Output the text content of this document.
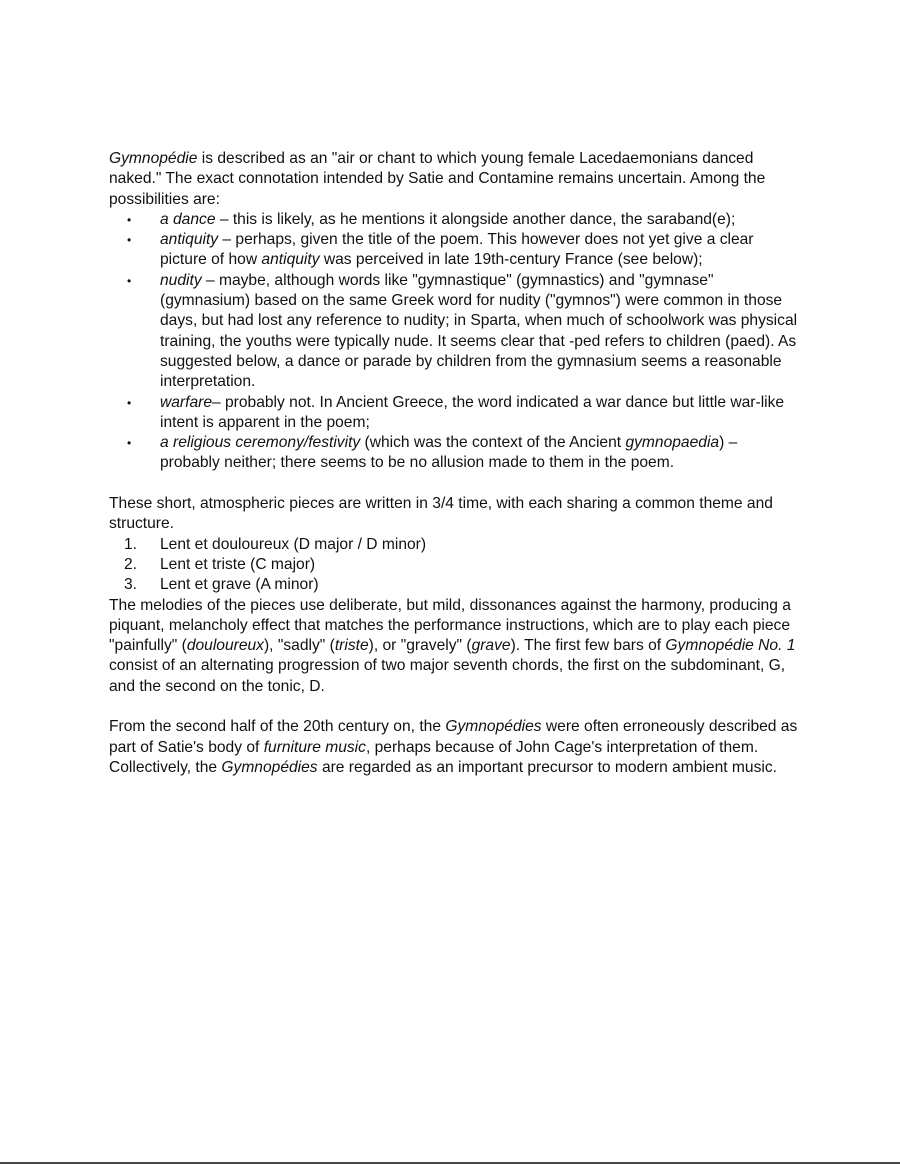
Gymnopédie is described as an "air or chant to which young female Lacedaemonians danced naked." The exact connotation intended by Satie and Contamine remains uncertain. Among the possibilities are:

• a dance – this is likely, as he mentions it alongside another dance, the saraband(e);
• antiquity – perhaps, given the title of the poem. This however does not yet give a clear picture of how antiquity was perceived in late 19th-century France (see below);
• nudity – maybe, although words like "gymnastique" (gymnastics) and "gymnase" (gymnasium) based on the same Greek word for nudity ("gymnos") were common in those days, but had lost any reference to nudity; in Sparta, when much of schoolwork was physical training, the youths were typically nude. It seems clear that -ped refers to children (paed). As suggested below, a dance or parade by children from the gymnasium seems a reasonable interpretation.
• warfare– probably not. In Ancient Greece, the word indicated a war dance but little war-like intent is apparent in the poem;
• a religious ceremony/festivity (which was the context of the Ancient gymnopaedia) – probably neither; there seems to be no allusion made to them in the poem.

These short, atmospheric pieces are written in 3/4 time, with each sharing a common theme and structure.

1. Lent et douloureux (D major / D minor)
2. Lent et triste (C major)
3. Lent et grave (A minor)

The melodies of the pieces use deliberate, but mild, dissonances against the harmony, producing a piquant, melancholy effect that matches the performance instructions, which are to play each piece "painfully" (douloureux), "sadly" (triste), or "gravely" (grave). The first few bars of Gymnopédie No. 1 consist of an alternating progression of two major seventh chords, the first on the subdominant, G, and the second on the tonic, D.

From the second half of the 20th century on, the Gymnopédies were often erroneously described as part of Satie's body of furniture music, perhaps because of John Cage's interpretation of them. Collectively, the Gymnopédies are regarded as an important precursor to modern ambient music.
